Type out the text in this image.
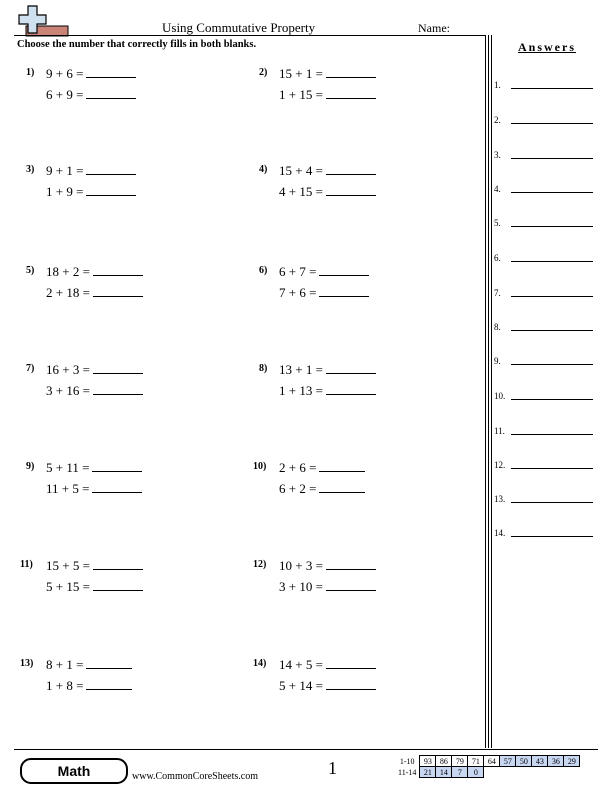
Using Commutative Property	Name:
Choose the number that correctly fills in both blanks.
1) 9 + 6 =
6 + 9 =
2) 15 + 1 =
1 + 15 =
3) 9 + 1 =
1 + 9 =
4) 15 + 4 =
4 + 15 =
5) 18 + 2 =
2 + 18 =
6) 6 + 7 =
7 + 6 =
7) 16 + 3 =
3 + 16 =
8) 13 + 1 =
1 + 13 =
9) 5 + 11 =
11 + 5 =
10) 2 + 6 =
6 + 2 =
11) 15 + 5 =
5 + 15 =
12) 10 + 3 =
3 + 10 =
13) 8 + 1 =
1 + 8 =
14) 14 + 5 =
5 + 14 =
Answers
1.
2.
3.
4.
5.
6.
7.
8.
9.
10.
11.
12.
13.
14.
Math	www.CommonCoreSheets.com	1	1-10	93	86	79	71	64	57	50	43	36	29
11-14	21	14	7	0						
